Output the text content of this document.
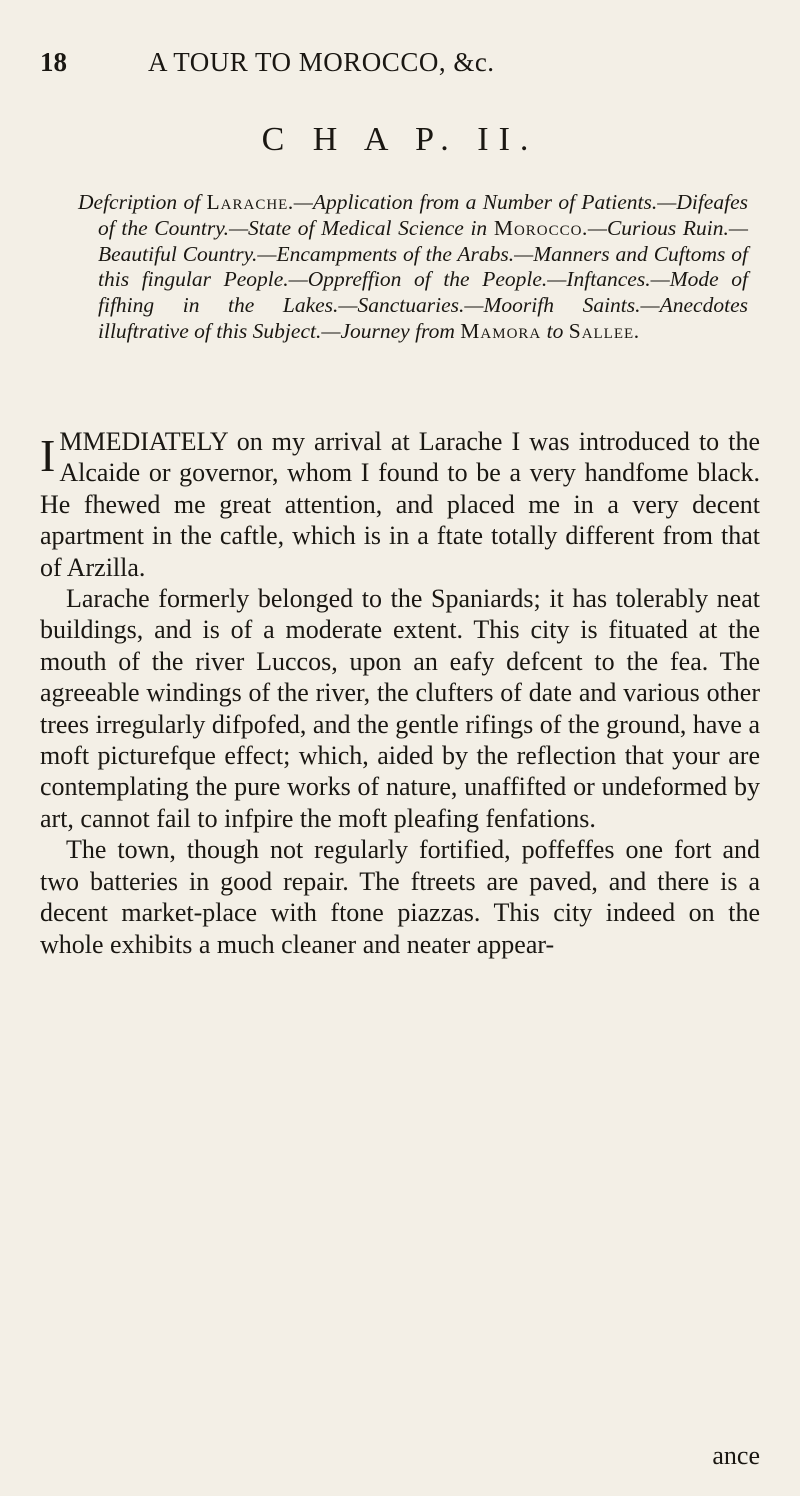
18	A TOUR TO MOROCCO, &c.
C H A P. II.
Defcription of Larache.—Application from a Number of Patients.—Difeafes of the Country.—State of Medical Science in Morocco.—Curious Ruin.—Beautiful Country.—Encampments of the Arabs.—Manners and Cuftoms of this fingular People.—Oppreffion of the People.—Inftances.—Mode of fifhing in the Lakes.—Sanctuaries.—Moorifh Saints.—Anecdotes illuftrative of this Subject.—Journey from Mamora to Sallee.

IMMEDIATELY on my arrival at Larache I was introduced to the Alcaide or governor, whom I found to be a very handfome black. He fhewed me great attention, and placed me in a very decent apartment in the caftle, which is in a ftate totally different from that of Arzilla.

Larache formerly belonged to the Spaniards; it has tolerably neat buildings, and is of a moderate extent. This city is fituated at the mouth of the river Luccos, upon an eafy defcent to the fea. The agreeable windings of the river, the clufters of date and various other trees irregularly difpofed, and the gentle rifings of the ground, have a moft picturefque effect; which, aided by the reflection that your are contemplating the pure works of nature, unaffifted or undeformed by art, cannot fail to infpire the moft pleafing fenfations.

The town, though not regularly fortified, poffeffes one fort and two batteries in good repair. The ftreets are paved, and there is a decent market-place with ftone piazzas. This city indeed on the whole exhibits a much cleaner and neater appear-

ance
